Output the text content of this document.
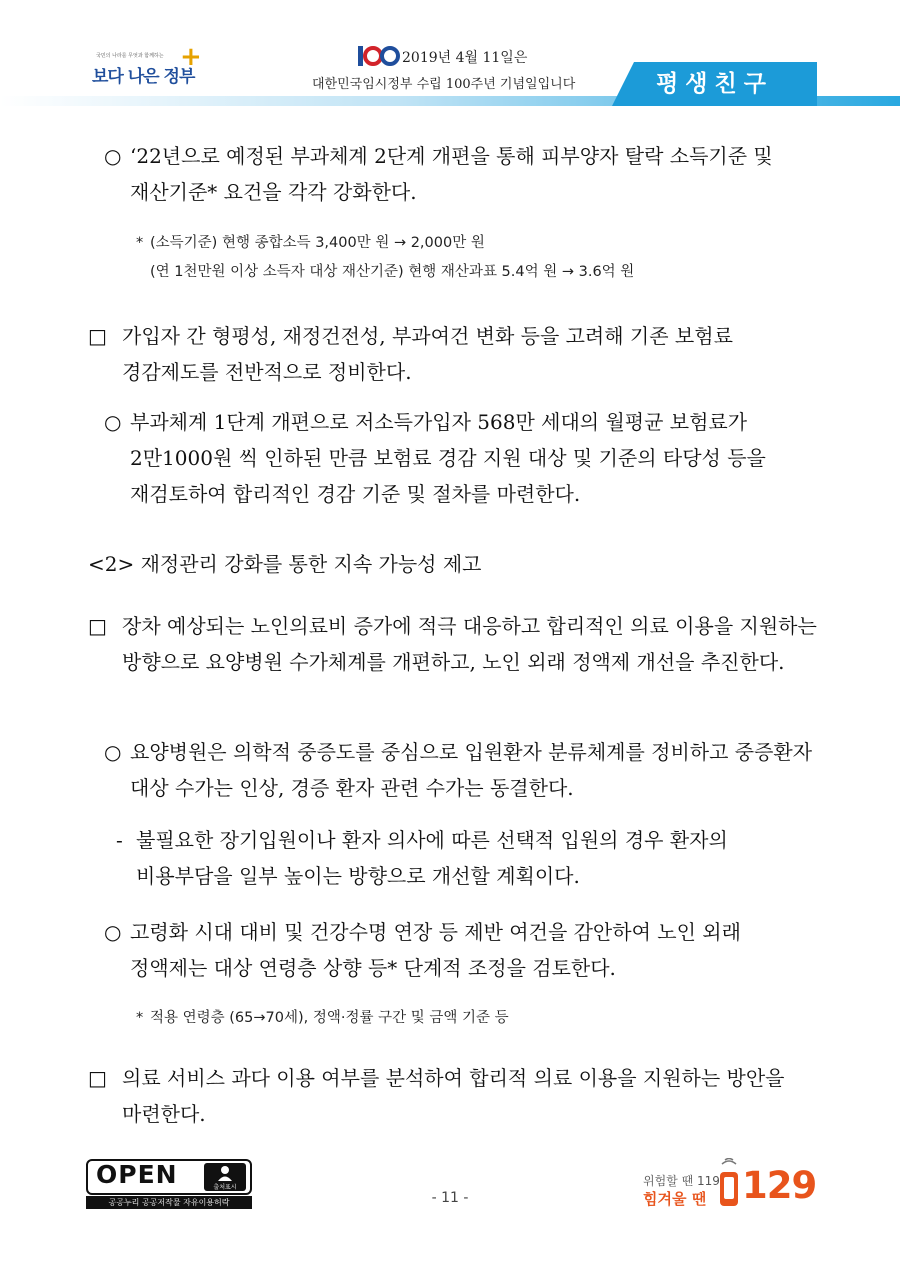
국민의 나라를 무엇과 함께하는
보다 나은 정부
+	2019년 4월 11일은
대한민국임시정부 수립 100주년 기념일입니다	평생친구
○ ‘22년으로 예정된 부과체계 2단계 개편을 통해 피부양자 탈락 소득기준 및 재산기준* 요건을 각각 강화한다.
* (소득기준) 현행 종합소득 3,400만 원 → 2,000만 원
(연 1천만원 이상 소득자 대상 재산기준) 현행 재산과표 5.4억 원 → 3.6억 원
□ 가입자 간 형평성, 재정건전성, 부과여건 변화 등을 고려해 기존 보험료 경감제도를 전반적으로 정비한다.
○ 부과체계 1단계 개편으로 저소득가입자 568만 세대의 월평균 보험료가 2만1000원 씩 인하된 만큼 보험료 경감 지원 대상 및 기준의 타당성 등을 재검토하여 합리적인 경감 기준 및 절차를 마련한다.
<2> 재정관리 강화를 통한 지속 가능성 제고
□ 장차 예상되는 노인의료비 증가에 적극 대응하고 합리적인 의료 이용을 지원하는 방향으로 요양병원 수가체계를 개편하고, 노인 외래 정액제 개선을 추진한다.
○ 요양병원은 의학적 중증도를 중심으로 입원환자 분류체계를 정비하고 중증환자 대상 수가는 인상, 경증 환자 관련 수가는 동결한다.
- 불필요한 장기입원이나 환자 의사에 따른 선택적 입원의 경우 환자의 비용부담을 일부 높이는 방향으로 개선할 계획이다.
○ 고령화 시대 대비 및 건강수명 연장 등 제반 여건을 감안하여 노인 외래 정액제는 대상 연령층 상향 등* 단계적 조정을 검토한다.
* 적용 연령층 (65→70세), 정액·정률 구간 및 금액 기준 등
□ 의료 서비스 과다 이용 여부를 분석하여 합리적 의료 이용을 지원하는 방안을 마련한다.
OPEN	출처표시
공공누리 공공저작물 자유이용허락	- 11 -
위험할 땐 119
힘겨울 땐 129
